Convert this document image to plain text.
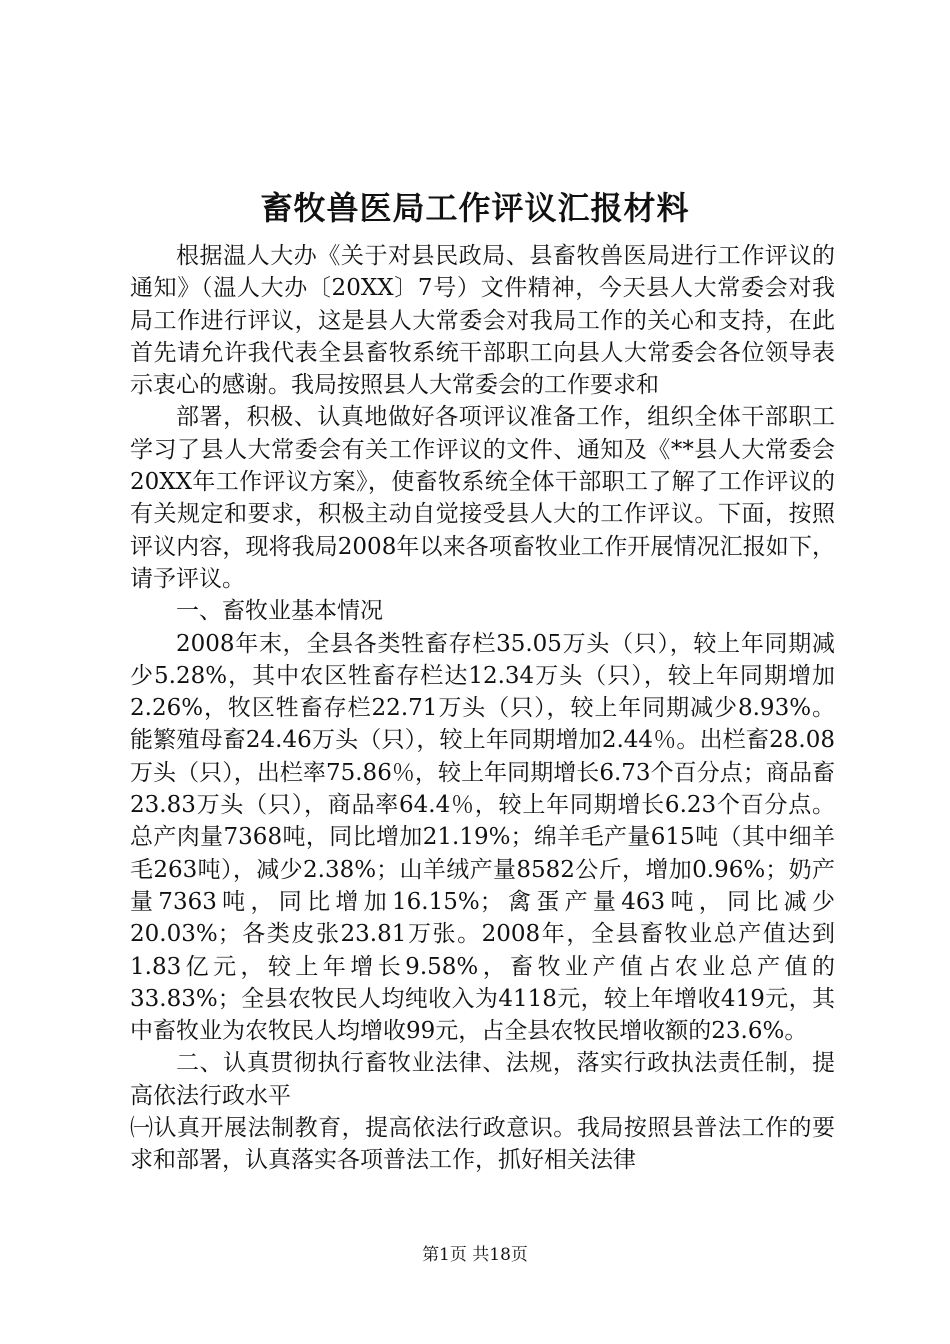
畜牧兽医局工作评议汇报材料

根据温人大办《关于对县民政局、县畜牧兽医局进行工作评议的通知》（温人大办〔20XX〕7号）文件精神，今天县人大常委会对我局工作进行评议，这是县人大常委会对我局工作的关心和支持，在此首先请允许我代表全县畜牧系统干部职工向县人大常委会各位领导表示衷心的感谢。我局按照县人大常委会的工作要求和

部署，积极、认真地做好各项评议准备工作，组织全体干部职工学习了县人大常委会有关工作评议的文件、通知及《**县人大常委会20XX年工作评议方案》，使畜牧系统全体干部职工了解了工作评议的有关规定和要求，积极主动自觉接受县人大的工作评议。下面，按照评议内容，现将我局2008年以来各项畜牧业工作开展情况汇报如下，请予评议。

一、畜牧业基本情况

2008年末，全县各类牲畜存栏35.05万头（只），较上年同期减少5.28%，其中农区牲畜存栏达12.34万头（只），较上年同期增加2.26%，牧区牲畜存栏22.71万头（只），较上年同期减少8.93%。能繁殖母畜24.46万头（只），较上年同期增加2.44％。出栏畜28.08万头（只），出栏率75.86％，较上年同期增长6.73个百分点；商品畜23.83万头（只），商品率64.4％，较上年同期增长6.23个百分点。总产肉量7368吨，同比增加21.19%；绵羊毛产量615吨（其中细羊毛263吨），减少2.38%；山羊绒产量8582公斤，增加0.96%；奶产量7363吨，同比增加16.15%；禽蛋产量463吨，同比减少20.03%；各类皮张23.81万张。2008年，全县畜牧业总产值达到1.83亿元，较上年增长9.58%，畜牧业产值占农业总产值的33.83%；全县农牧民人均纯收入为4118元，较上年增收419元，其中畜牧业为农牧民人均增收99元，占全县农牧民增收额的23.6%。

二、认真贯彻执行畜牧业法律、法规，落实行政执法责任制，提高依法行政水平

㈠认真开展法制教育，提高依法行政意识。我局按照县普法工作的要求和部署，认真落实各项普法工作，抓好相关法律

第1页 共18页
